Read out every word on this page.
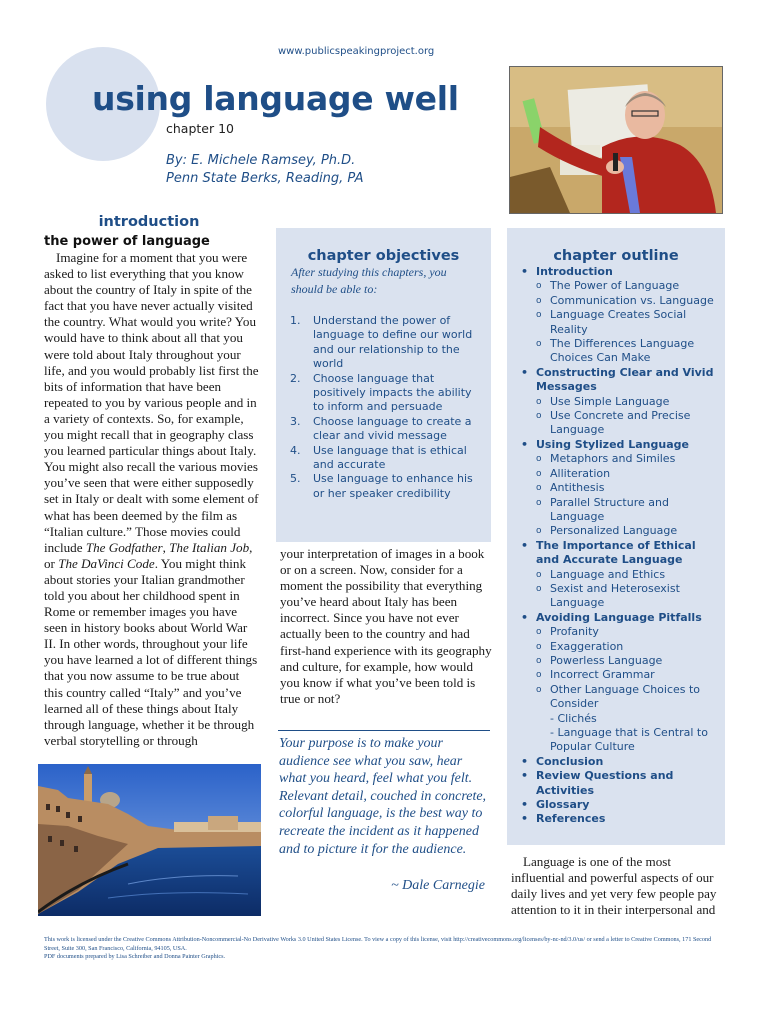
www.publicspeakingproject.org
using language well
chapter 10
By: E. Michele Ramsey, Ph.D.
Penn State Berks, Reading, PA
introduction
the power of language

Imagine for a moment that you were asked to list everything that you know about the country of Italy in spite of the fact that you have never actually visited the country. What would you write? You would have to think about all that you were told about Italy throughout your life, and you would probably list first the bits of information that have been repeated to you by various people and in a variety of contexts. So, for example, you might recall that in geography class you learned particular things about Italy. You might also recall the various movies you’ve seen that were either supposedly set in Italy or dealt with some element of what has been deemed by the film as “Italian culture.” Those movies could include The Godfather, The Italian Job, or The DaVinci Code. You might think about stories your Italian grandmother told you about her childhood spent in Rome or remember images you have seen in history books about World War II. In other words, throughout your life you have learned a lot of different things that you now assume to be true about this country called “Italy” and you’ve learned all of these things about Italy through language, whether it be through verbal storytelling or through

chapter objectives
After studying this chapters, you should be able to:
1.	Understand the power of language to define our world and our relationship to the world
2.	Choose language that positively impacts the ability to inform and persuade
3.	Choose language to create a clear and vivid message
4.	Use language that is ethical and accurate
5.	Use language to enhance his or her speaker credibility

your interpretation of images in a book or on a screen. Now, consider for a moment the possibility that everything you’ve heard about Italy has been incorrect. Since you have not ever actually been to the country and had first-hand experience with its geography and culture, for example, how would you know if what you’ve been told is true or not?

Your purpose is to make your audience see what you saw, hear what you heard, feel what you felt. Relevant detail, couched in concrete, colorful language, is the best way to recreate the incident as it happened and to picture it for the audience.
~ Dale Carnegie
chapter outline
• Introduction
o The Power of Language
o Communication vs. Language
o Language Creates Social Reality
o The Differences Language Choices Can Make
• Constructing Clear and Vivid Messages
o Use Simple Language
o Use Concrete and Precise Language
• Using Stylized Language
o Metaphors and Similes
o Alliteration
o Antithesis
o Parallel Structure and Language
o Personalized Language
• The Importance of Ethical and Accurate Language
o Language and Ethics
o Sexist and Heterosexist Language
• Avoiding Language Pitfalls
o Profanity
o Exaggeration
o Powerless Language
o Incorrect Grammar
o Other Language Choices to Consider
- Clichés
- Language that is Central to Popular Culture
• Conclusion
• Review Questions and Activities
• Glossary
• References

Language is one of the most influential and powerful aspects of our daily lives and yet very few people pay attention to it in their interpersonal and

This work is licensed under the Creative Commons Attribution-Noncommercial-No Derivative Works 3.0 United States License. To view a copy of this license, visit http://creativecommons.org/licenses/by-nc-nd/3.0/us/ or send a letter to Creative Commons, 171 Second Street, Suite 300, San Francisco, California, 94105, USA.
PDF documents prepared by Lisa Schreiber and Donna Painter Graphics.
